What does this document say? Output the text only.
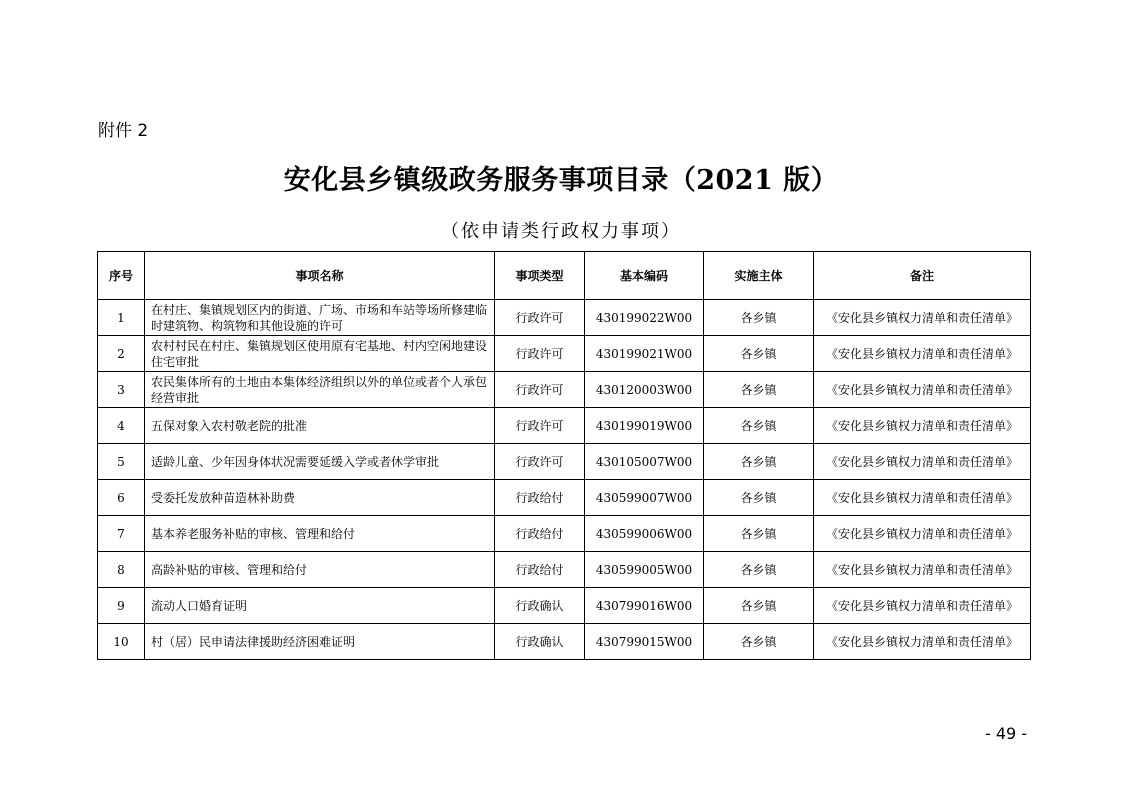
附件 2
安化县乡镇级政务服务事项目录（2021 版）
（依申请类行政权力事项）
序号	事项名称	事项类型	基本编码	实施主体	备注
1	在村庄、集镇规划区内的街道、广场、市场和车站等场所修建临时建筑物、构筑物和其他设施的许可	行政许可	430199022W00	各乡镇	《安化县乡镇权力清单和责任清单》
2	农村村民在村庄、集镇规划区使用原有宅基地、村内空闲地建设住宅审批	行政许可	430199021W00	各乡镇	《安化县乡镇权力清单和责任清单》
3	农民集体所有的土地由本集体经济组织以外的单位或者个人承包经营审批	行政许可	430120003W00	各乡镇	《安化县乡镇权力清单和责任清单》
4	五保对象入农村敬老院的批准	行政许可	430199019W00	各乡镇	《安化县乡镇权力清单和责任清单》
5	适龄儿童、少年因身体状况需要延缓入学或者休学审批	行政许可	430105007W00	各乡镇	《安化县乡镇权力清单和责任清单》
6	受委托发放种苗造林补助费	行政给付	430599007W00	各乡镇	《安化县乡镇权力清单和责任清单》
7	基本养老服务补贴的审核、管理和给付	行政给付	430599006W00	各乡镇	《安化县乡镇权力清单和责任清单》
8	高龄补贴的审核、管理和给付	行政给付	430599005W00	各乡镇	《安化县乡镇权力清单和责任清单》
9	流动人口婚育证明	行政确认	430799016W00	各乡镇	《安化县乡镇权力清单和责任清单》
10	村（居）民申请法律援助经济困难证明	行政确认	430799015W00	各乡镇	《安化县乡镇权力清单和责任清单》
- 49 -
